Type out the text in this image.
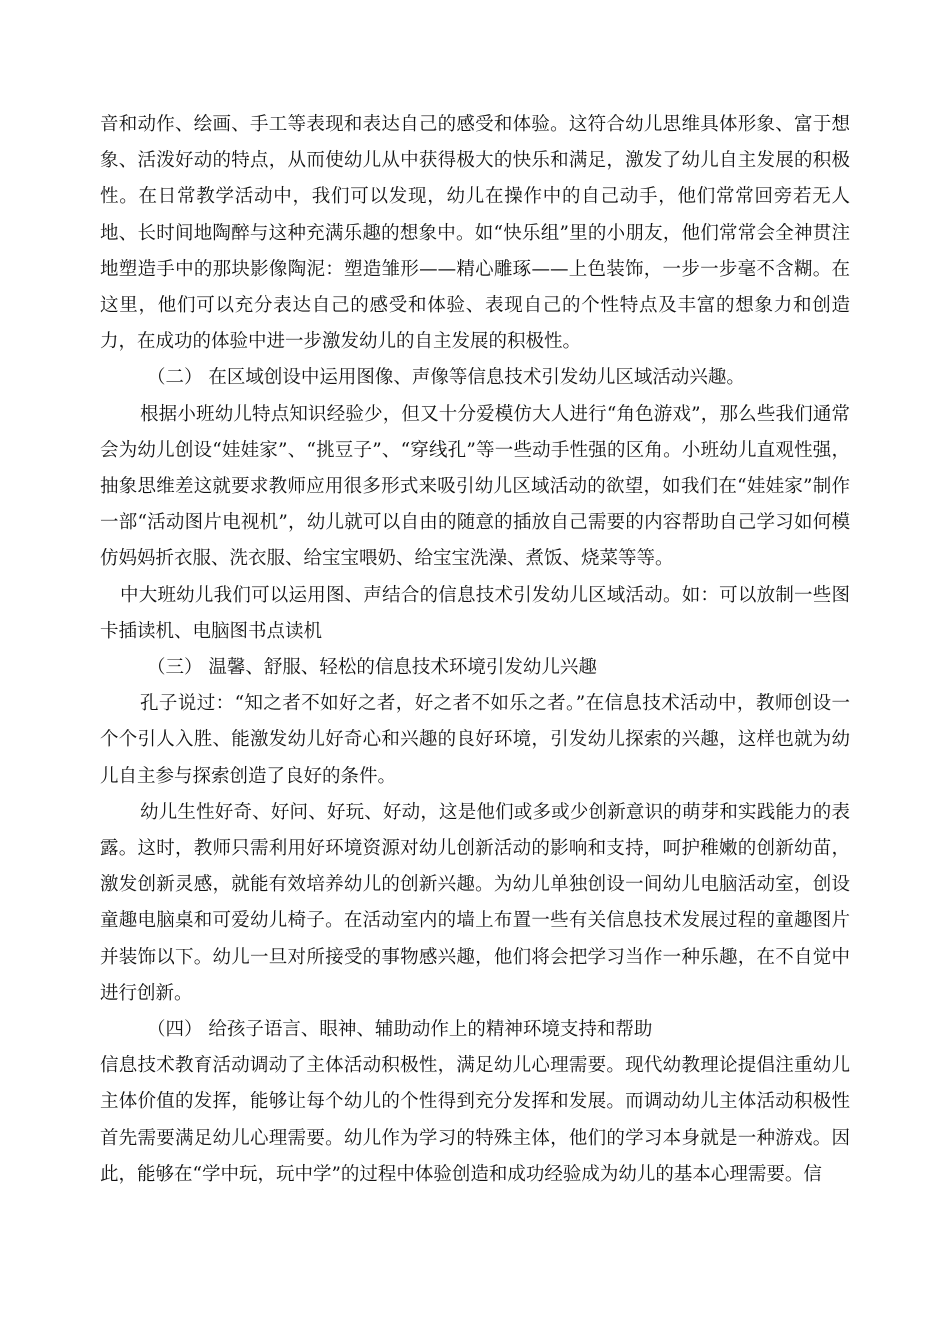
音和动作、绘画、手工等表现和表达自己的感受和体验。这符合幼儿思维具体形象、富于想象、活泼好动的特点，从而使幼儿从中获得极大的快乐和满足，激发了幼儿自主发展的积极性。在日常教学活动中，我们可以发现，幼儿在操作中的自己动手，他们常常回旁若无人地、长时间地陶醉与这种充满乐趣的想象中。如“快乐组”里的小朋友，他们常常会全神贯注地塑造手中的那块影像陶泥：塑造雏形——精心雕琢——上色装饰，一步一步毫不含糊。在这里，他们可以充分表达自己的感受和体验、表现自己的个性特点及丰富的想象力和创造力，在成功的体验中进一步激发幼儿的自主发展的积极性。

（二） 在区域创设中运用图像、声像等信息技术引发幼儿区域活动兴趣。

根据小班幼儿特点知识经验少，但又十分爱模仿大人进行“角色游戏”，那么些我们通常会为幼儿创设“娃娃家”、“挑豆子”、“穿线孔”等一些动手性强的区角。小班幼儿直观性强，抽象思维差这就要求教师应用很多形式来吸引幼儿区域活动的欲望，如我们在“娃娃家”制作一部“活动图片电视机”，幼儿就可以自由的随意的插放自己需要的内容帮助自己学习如何模仿妈妈折衣服、洗衣服、给宝宝喂奶、给宝宝洗澡、煮饭、烧菜等等。

中大班幼儿我们可以运用图、声结合的信息技术引发幼儿区域活动。如：可以放制一些图卡插读机、电脑图书点读机

（三） 温馨、舒服、轻松的信息技术环境引发幼儿兴趣

孔子说过：“知之者不如好之者，好之者不如乐之者。”在信息技术活动中，教师创设一个个引人入胜、能激发幼儿好奇心和兴趣的良好环境，引发幼儿探索的兴趣，这样也就为幼儿自主参与探索创造了良好的条件。

幼儿生性好奇、好问、好玩、好动，这是他们或多或少创新意识的萌芽和实践能力的表露。这时，教师只需利用好环境资源对幼儿创新活动的影响和支持，呵护稚嫩的创新幼苗，激发创新灵感，就能有效培养幼儿的创新兴趣。为幼儿单独创设一间幼儿电脑活动室，创设童趣电脑桌和可爱幼儿椅子。在活动室内的墙上布置一些有关信息技术发展过程的童趣图片并装饰以下。幼儿一旦对所接受的事物感兴趣，他们将会把学习当作一种乐趣，在不自觉中进行创新。

（四） 给孩子语言、眼神、辅助动作上的精神环境支持和帮助

信息技术教育活动调动了主体活动积极性，满足幼儿心理需要。现代幼教理论提倡注重幼儿主体价值的发挥，能够让每个幼儿的个性得到充分发挥和发展。而调动幼儿主体活动积极性首先需要满足幼儿心理需要。幼儿作为学习的特殊主体，他们的学习本身就是一种游戏。因此，能够在“学中玩，玩中学”的过程中体验创造和成功经验成为幼儿的基本心理需要。信
